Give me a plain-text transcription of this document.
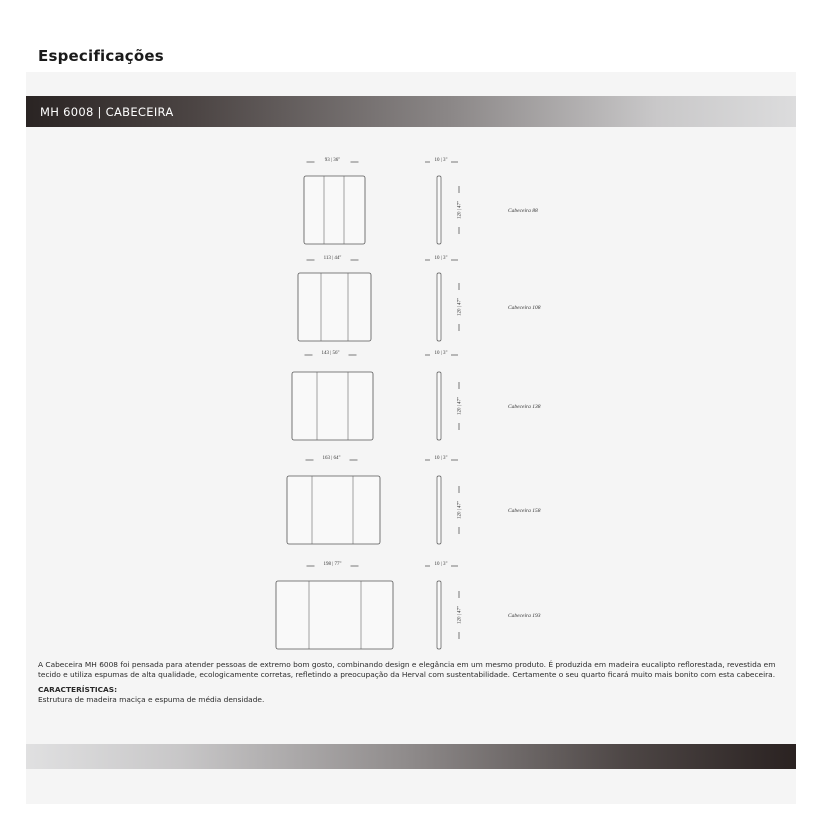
Especificações
MH 6008 | CABECEIRA
93 | 36"	10 | 3"
120 | 47"	Cabeceira 88
113 | 44"	10 | 3"
120 | 47"	Cabeceira 108
143 | 56"	10 | 3"
120 | 47"	Cabeceira 138
163 | 64"	10 | 3"
120 | 47"	Cabeceira 158
198 | 77"	10 | 3"
120 | 47"	Cabeceira 193

A Cabeceira MH 6008 foi pensada para atender pessoas de extremo bom gosto, combinando design e elegância em um mesmo produto. É produzida em madeira eucalipto reflorestada, revestida em tecido e utiliza espumas de alta qualidade, ecologicamente corretas, refletindo a preocupação da Herval com sustentabilidade. Certamente o seu quarto ficará muito mais bonito com esta cabeceira.

CARACTERÍSTICAS:

Estrutura de madeira maciça e espuma de média densidade.
